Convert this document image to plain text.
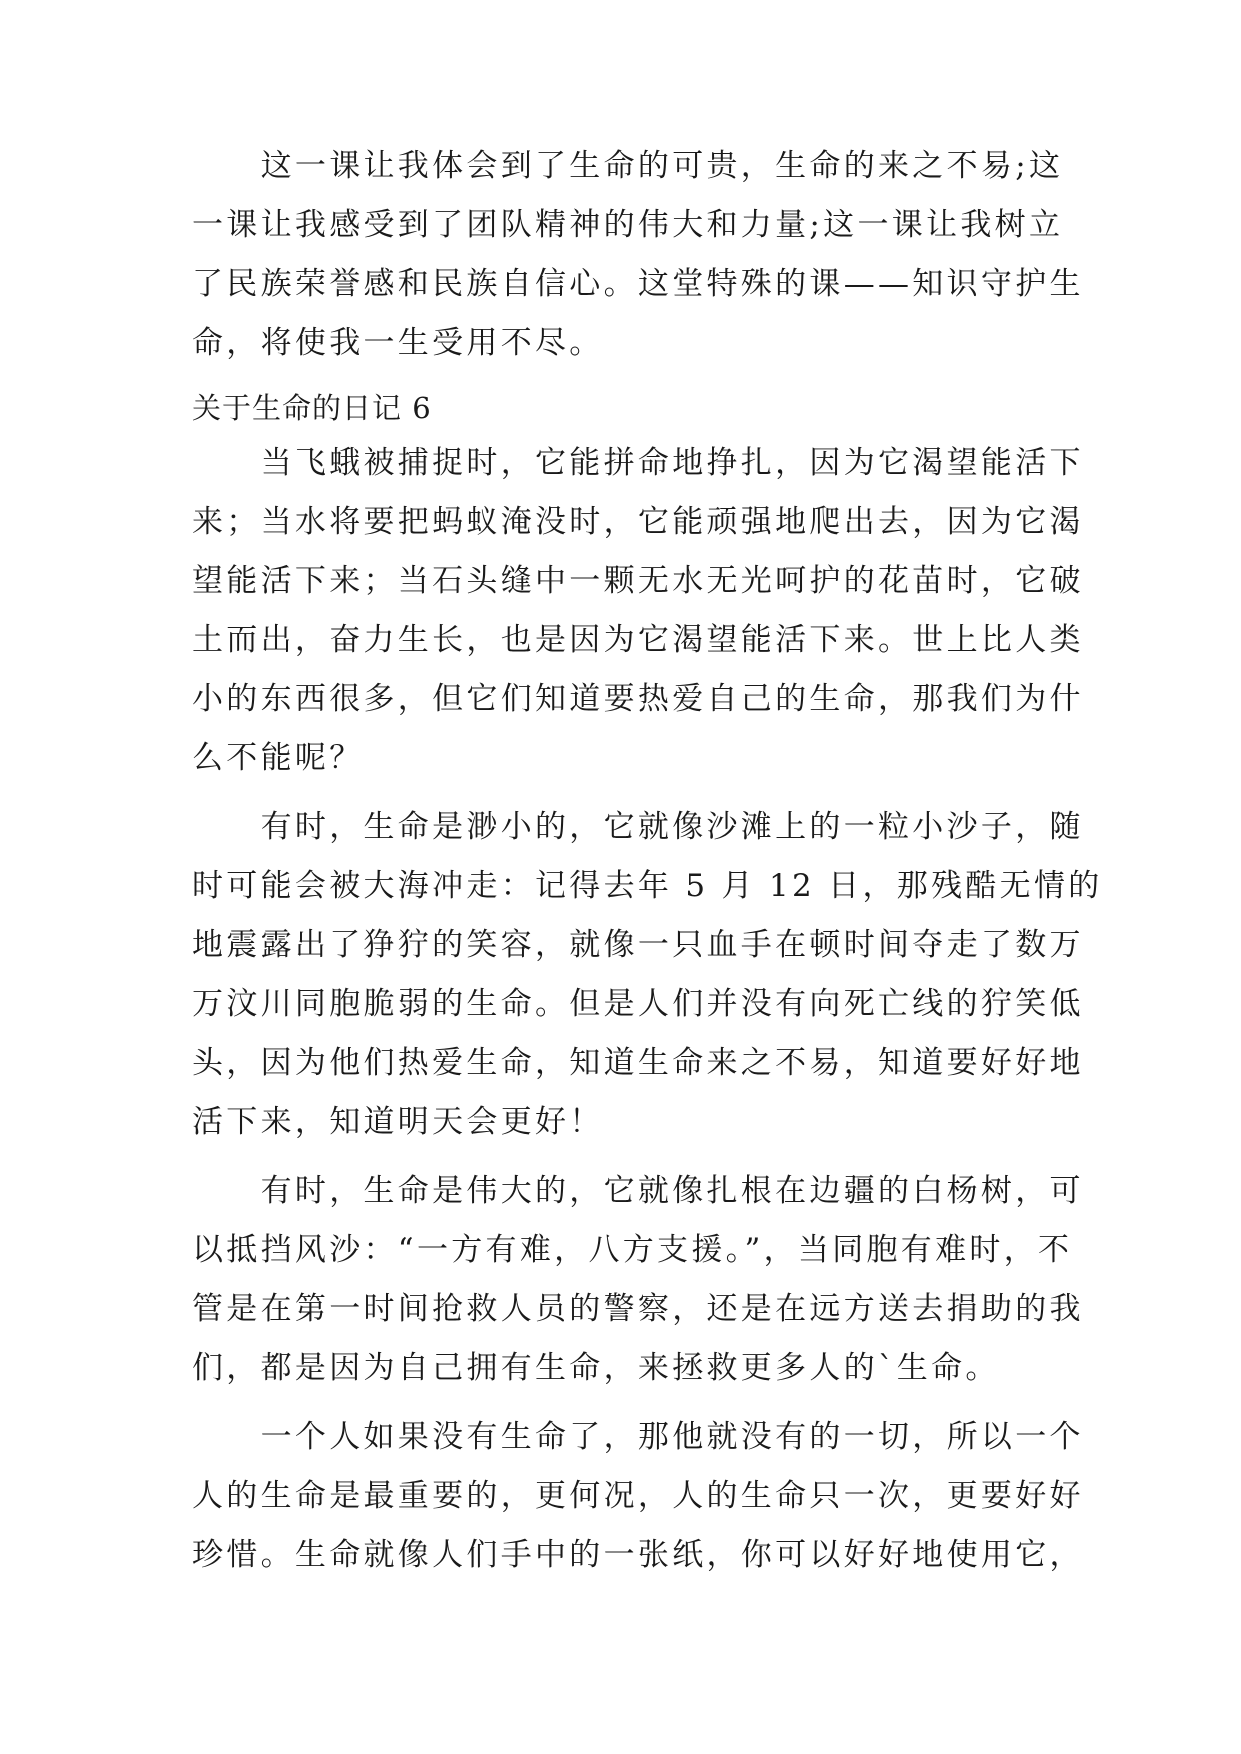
　　这一课让我体会到了生命的可贵，生命的来之不易;这
一课让我感受到了团队精神的伟大和力量;这一课让我树立
了民族荣誉感和民族自信心。这堂特殊的课——知识守护生
命，将使我一生受用不尽。
关于生命的日记 6
　　当飞蛾被捕捉时，它能拼命地挣扎，因为它渴望能活下
来；当水将要把蚂蚁淹没时，它能顽强地爬出去，因为它渴
望能活下来；当石头缝中一颗无水无光呵护的花苗时，它破
土而出，奋力生长，也是因为它渴望能活下来。世上比人类
小的东西很多，但它们知道要热爱自己的生命，那我们为什
么不能呢？
　　有时，生命是渺小的，它就像沙滩上的一粒小沙子，随
时可能会被大海冲走：记得去年 5 月 12 日，那残酷无情的
地震露出了狰狞的笑容，就像一只血手在顿时间夺走了数万
万汶川同胞脆弱的生命。但是人们并没有向死亡线的狞笑低
头，因为他们热爱生命，知道生命来之不易，知道要好好地
活下来，知道明天会更好！
　　有时，生命是伟大的，它就像扎根在边疆的白杨树，可
以抵挡风沙：“一方有难，八方支援。”，当同胞有难时，不
管是在第一时间抢救人员的警察，还是在远方送去捐助的我
们，都是因为自己拥有生命，来拯救更多人的`生命。
　　一个人如果没有生命了，那他就没有的一切，所以一个
人的生命是最重要的，更何况，人的生命只一次，更要好好
珍惜。生命就像人们手中的一张纸，你可以好好地使用它，
